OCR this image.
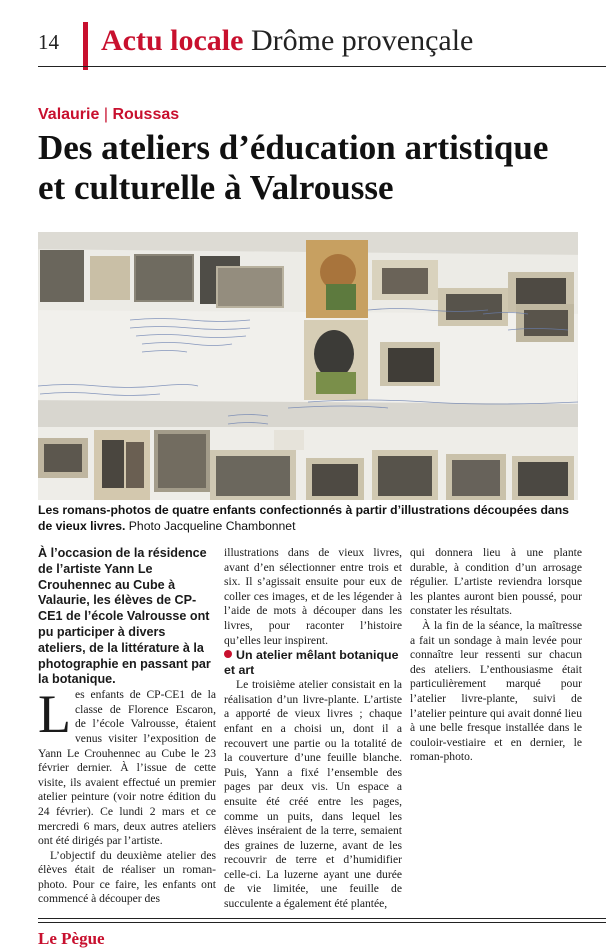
14 Actu locale Drôme provençale
Valaurie | Roussas
Des ateliers d’éducation artistique
et culturelle à Valrousse
Les romans-photos de quatre enfants confectionnés à partir d’illustrations découpées dans de vieux livres. Photo Jacqueline Chambonnet

À l’occasion de la résidence de l’artiste Yann Le Crouhennec au Cube à Valaurie, les élèves de CP-CE1 de l’école Valrousse ont pu participer à divers ateliers, de la littérature à la photographie en passant par la botanique.

Les enfants de CP-CE1 de la classe de Florence Escaron, de l’école Valrousse, étaient venus visiter l’exposition de Yann Le Crouhennec au Cube le 23 février dernier. À l’issue de cette visite, ils avaient effectué un premier atelier peinture (voir notre édition du 24 février). Ce lundi 2 mars et ce mercredi 6 mars, deux autres ateliers ont été dirigés par l’artiste.

L’objectif du deuxième atelier des élèves était de réaliser un roman-photo. Pour ce faire, les enfants ont commencé à découper des

illustrations dans de vieux livres, avant d’en sélectionner entre trois et six. Il s’agissait ensuite pour eux de coller ces images, et de les légender à l’aide de mots à découper dans les livres, pour raconter l’histoire qu’elles leur inspirent.

Un atelier mêlant botanique et art

Le troisième atelier consistait en la réalisation d’un livre-plante. L’artiste a apporté de vieux livres ; chaque enfant en a choisi un, dont il a recouvert une partie ou la totalité de la couverture d’une feuille blanche. Puis, Yann a fixé l’ensemble des pages par deux vis. Un espace a ensuite été créé entre les pages, comme un puits, dans lequel les élèves inséraient de la terre, semaient des graines de luzerne, avant de les recouvrir de terre et d’humidifier celle-ci. La luzerne ayant une durée de vie limitée, une feuille de succulente a également été plantée,

qui donnera lieu à une plante durable, à condition d’un arrosage régulier. L’artiste reviendra lorsque les plantes auront bien poussé, pour constater les résultats.

À la fin de la séance, la maîtresse a fait un sondage à main levée pour connaître leur ressenti sur chacun des ateliers. L’enthousiasme était particulièrement marqué pour l’atelier livre-plante, suivi de l’atelier peinture qui avait donné lieu à une belle fresque installée dans le couloir-vestiaire et en dernier, le roman-photo.

Le Pègue
